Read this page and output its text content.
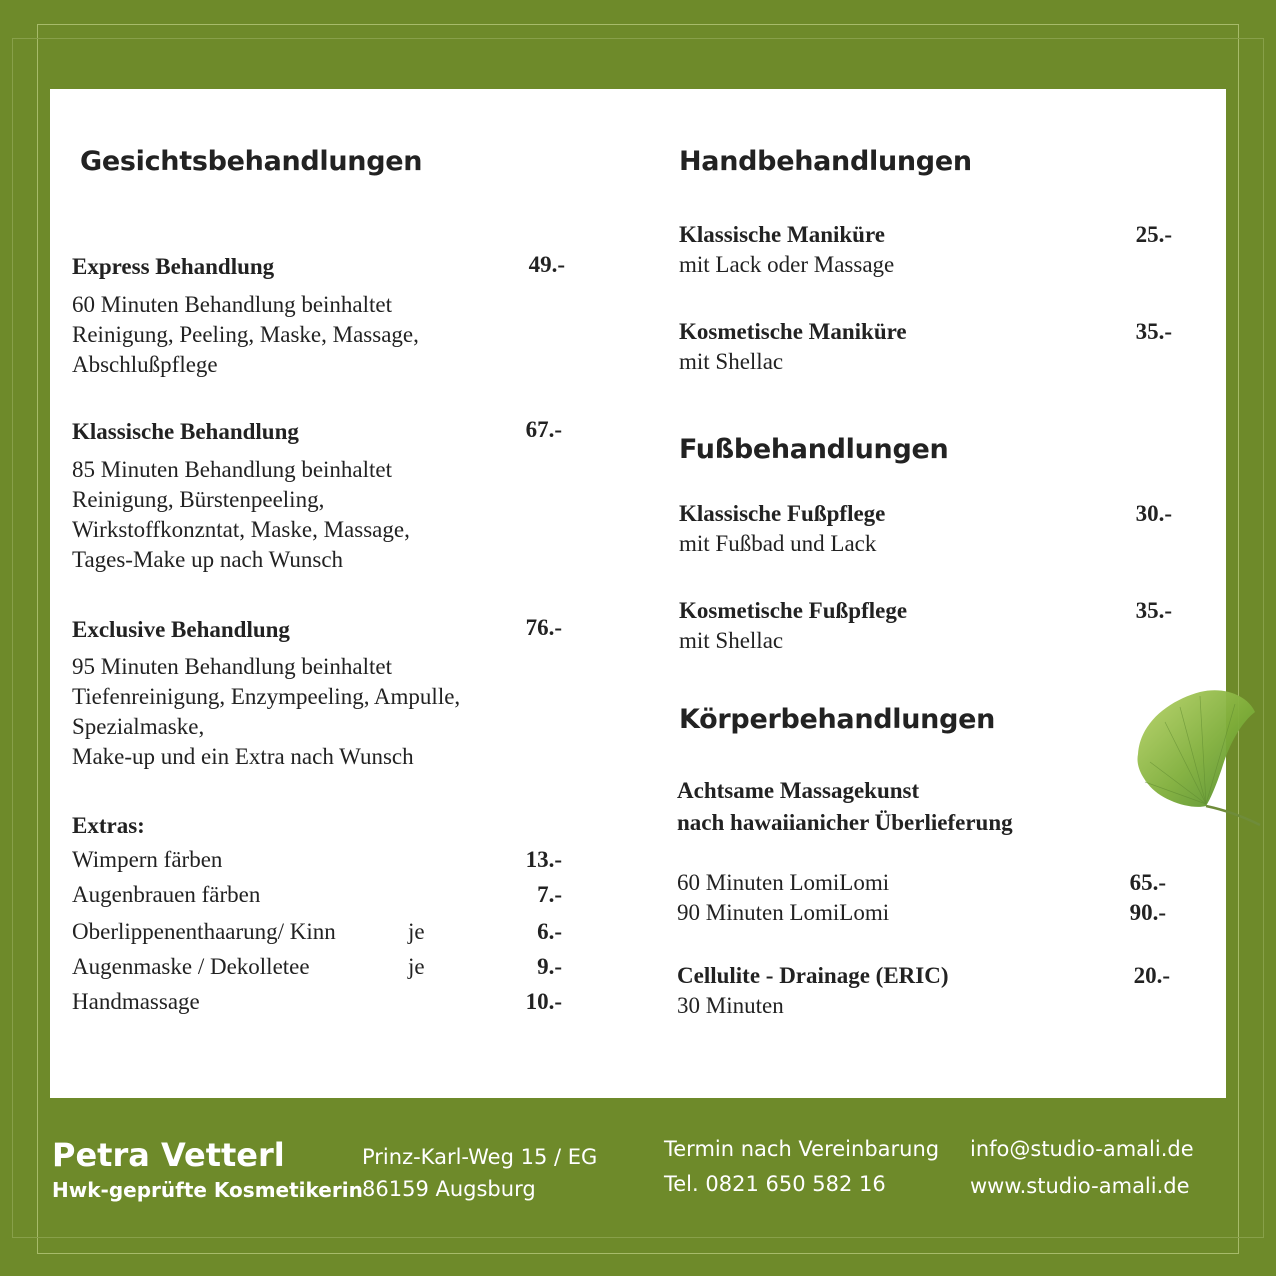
Gesichtsbehandlungen
Express Behandlung	49.-
60 Minuten Behandlung beinhaltet
Reinigung, Peeling, Maske, Massage,
Abschlußpflege
Klassische Behandlung	67.-
85 Minuten Behandlung beinhaltet
Reinigung, Bürstenpeeling,
Wirkstoffkonzntat, Maske, Massage,
Tages-Make up nach Wunsch
Exclusive Behandlung	76.-
95 Minuten Behandlung beinhaltet
Tiefenreinigung, Enzympeeling, Ampulle,
Spezialmaske,
Make-up und ein Extra nach Wunsch
Extras:
Wimpern färben	13.-
Augenbrauen färben	7.-
Oberlippenenthaarung/ Kinn	je	6.-
Augenmaske / Dekolletee	je	9.-
Handmassage	10.-
Handbehandlungen
Klassische Maniküre	25.-
mit Lack oder Massage
Kosmetische Maniküre	35.-
mit Shellac
Fußbehandlungen
Klassische Fußpflege	30.-
mit Fußbad und Lack
Kosmetische Fußpflege	35.-
mit Shellac
Körperbehandlungen
Achtsame Massagekunst
nach hawaiianicher Überlieferung
60 Minuten LomiLomi	65.-
90 Minuten LomiLomi	90.-
Cellulite - Drainage (ERIC)	20.-
30 Minuten
Petra Vetterl
Hwk-geprüfte Kosmetikerin
Prinz-Karl-Weg 15 / EG
86159 Augsburg
Termin nach Vereinbarung
Tel. 0821 650 582 16
info@studio-amali.de
www.studio-amali.de
